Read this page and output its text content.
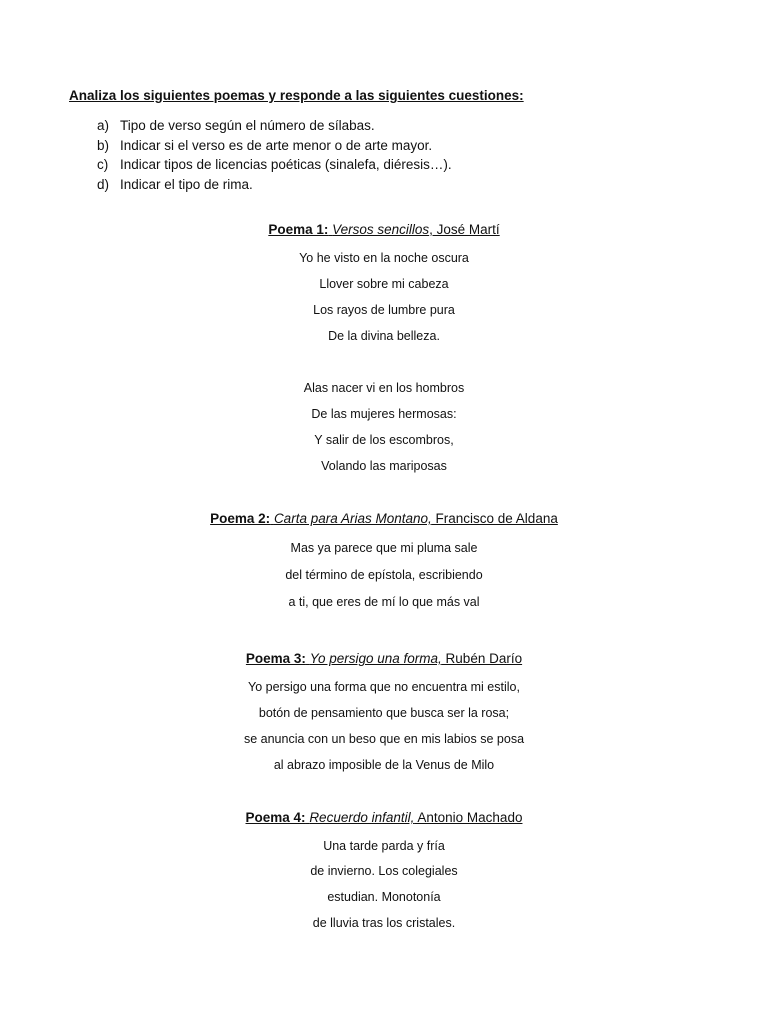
Analiza los siguientes poemas y responde a las siguientes cuestiones:
a) Tipo de verso según el número de sílabas.
b) Indicar si el verso es de arte menor o de arte mayor.
c) Indicar tipos de licencias poéticas (sinalefa, diéresis…).
d) Indicar el tipo de rima.
Poema 1: Versos sencillos, José Martí
Yo he visto en la noche oscura
Llover sobre mi cabeza
Los rayos de lumbre pura
De la divina belleza.
Alas nacer vi en los hombros
De las mujeres hermosas:
Y salir de los escombros,
Volando las mariposas
Poema 2: Carta para Arias Montano, Francisco de Aldana
Mas ya parece que mi pluma sale
del término de epístola, escribiendo
a ti, que eres de mí lo que más val
Poema 3: Yo persigo una forma, Rubén Darío
Yo persigo una forma que no encuentra mi estilo,
botón de pensamiento que busca ser la rosa;
se anuncia con un beso que en mis labios se posa
al abrazo imposible de la Venus de Milo
Poema 4: Recuerdo infantil, Antonio Machado
Una tarde parda y fría
de invierno. Los colegiales
estudian. Monotonía
de lluvia tras los cristales.
